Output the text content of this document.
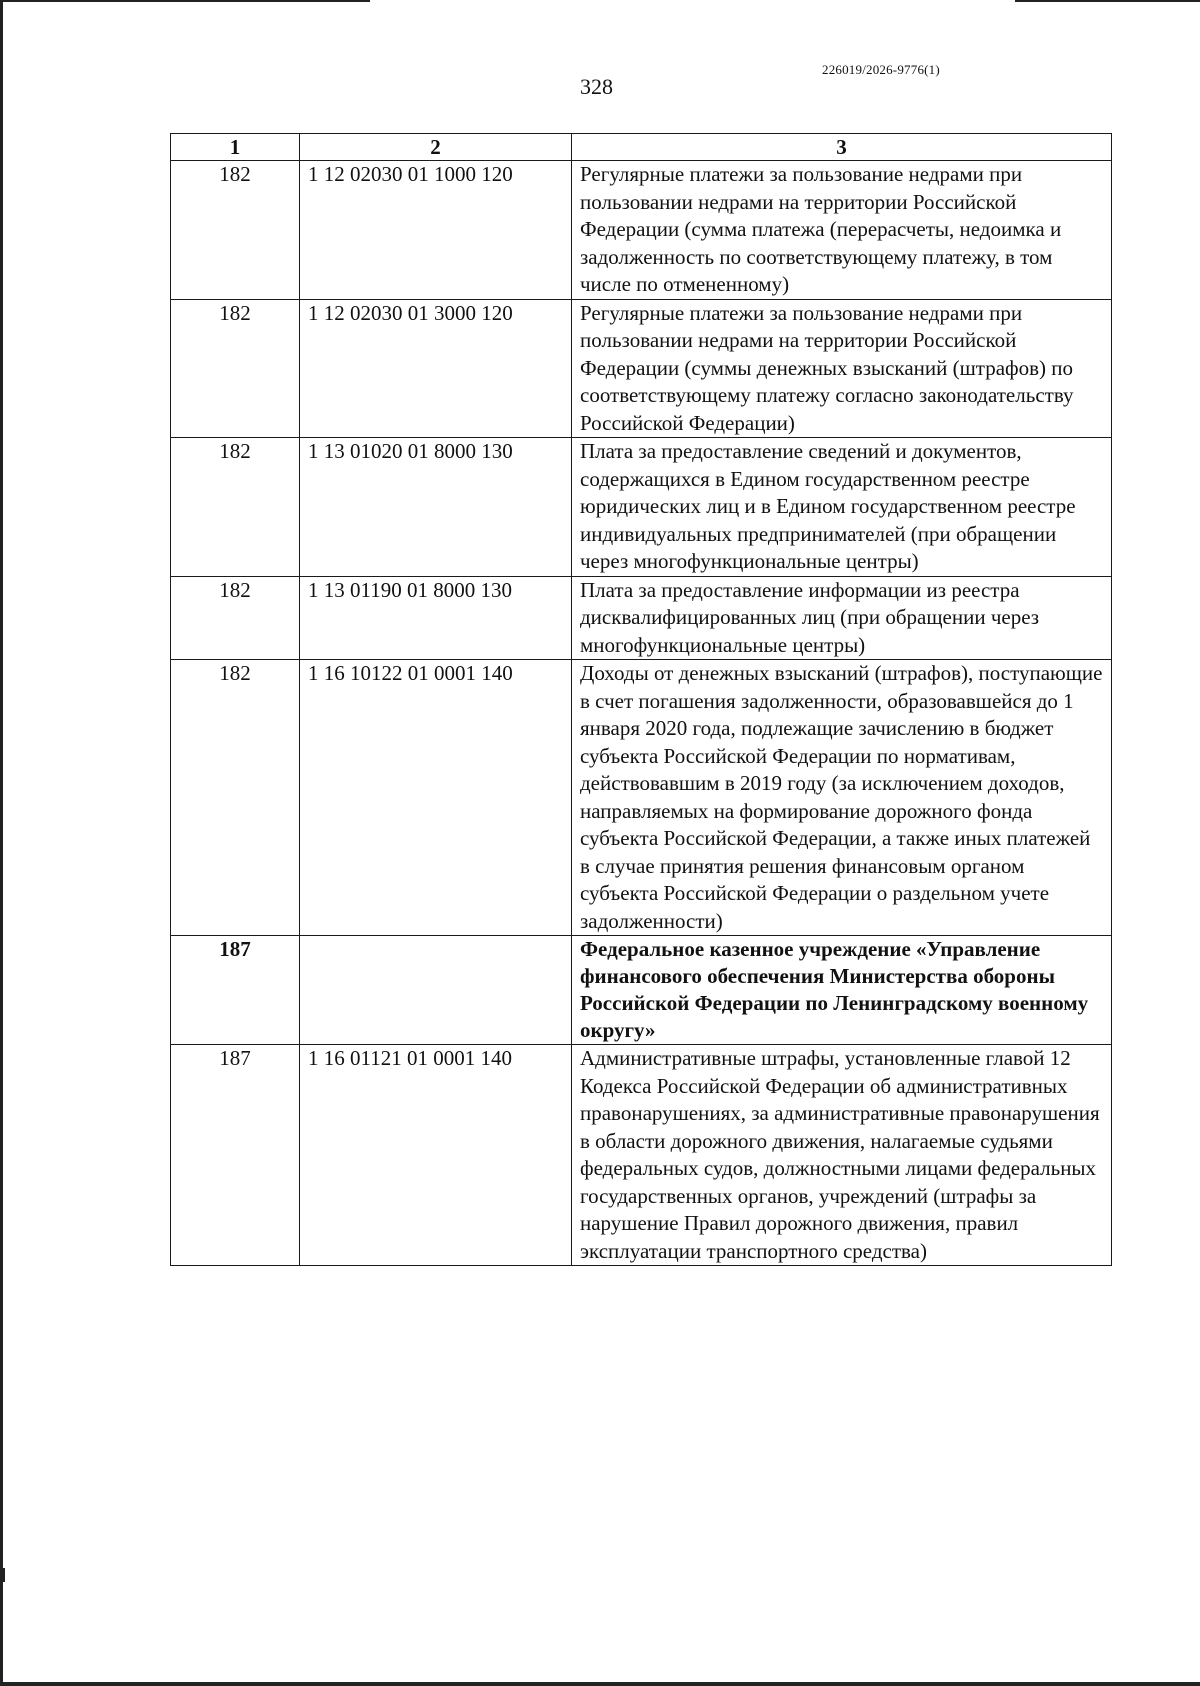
226019/2026-9776(1)
328
1	2	3
182	1 12 02030 01 1000 120	Регулярные платежи за пользование недрами при пользовании недрами на территории Российской Федерации (сумма платежа (перерасчеты, недоимка и задолженность по соответствующему платежу, в том числе по отмененному)
182	1 12 02030 01 3000 120	Регулярные платежи за пользование недрами при пользовании недрами на территории Российской Федерации (суммы денежных взысканий (штрафов) по соответствующему платежу согласно законодательству Российской Федерации)
182	1 13 01020 01 8000 130	Плата за предоставление сведений и документов, содержащихся в Едином государственном реестре юридических лиц и в Едином государственном реестре индивидуальных предпринимателей (при обращении через многофункциональные центры)
182	1 13 01190 01 8000 130	Плата за предоставление информации из реестра дисквалифицированных лиц (при обращении через многофункциональные центры)
182	1 16 10122 01 0001 140	Доходы от денежных взысканий (штрафов), поступающие в счет погашения задолженности, образовавшейся до 1 января 2020 года, подлежащие зачислению в бюджет субъекта Российской Федерации по нормативам, действовавшим в 2019 году (за исключением доходов, направляемых на формирование дорожного фонда субъекта Российской Федерации, а также иных платежей в случае принятия решения финансовым органом субъекта Российской Федерации о раздельном учете задолженности)
187		Федеральное казенное учреждение «Управление финансового обеспечения Министерства обороны Российской Федерации по Ленинградскому военному округу»
187	1 16 01121 01 0001 140	Административные штрафы, установленные главой 12 Кодекса Российской Федерации об административных правонарушениях, за административные правонарушения в области дорожного движения, налагаемые судьями федеральных судов, должностными лицами федеральных государственных органов, учреждений (штрафы за нарушение Правил дорожного движения, правил эксплуатации транспортного средства)
